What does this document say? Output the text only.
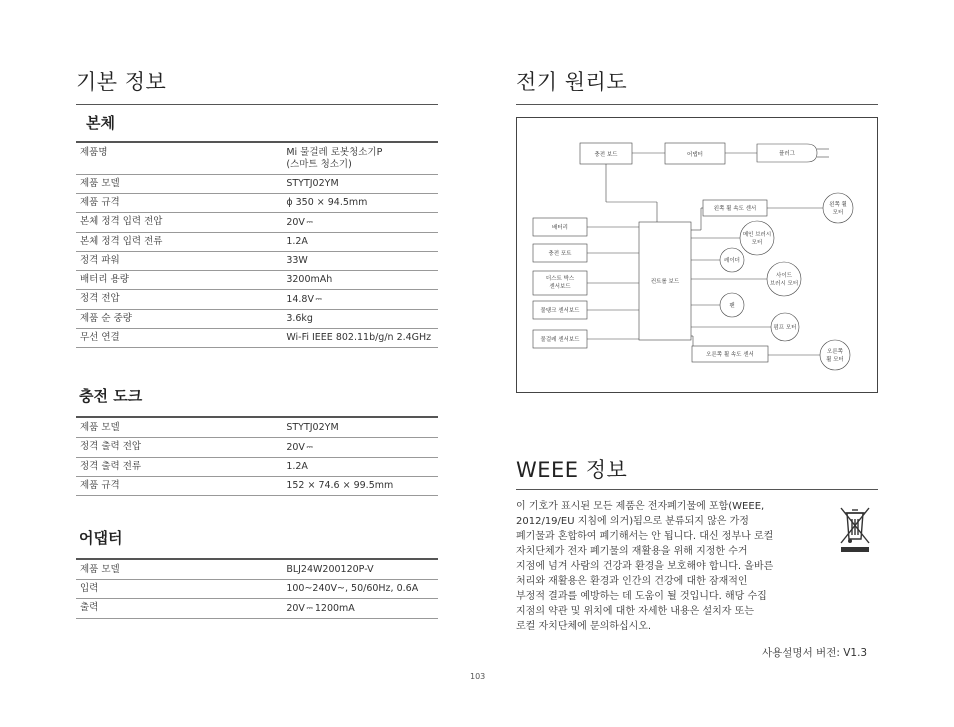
기본 정보
본체
제품명	Mi 물걸레 로봇청소기P
(스마트 청소기)
제품 모델	STYTJ02YM
제품 규격	ϕ 350 × 94.5mm
본체 정격 입력 전압	20V ⎓
본체 정격 입력 전류	1.2A
정격 파워	33W
배터리 용량	3200mAh
정격 전압	14.8V ⎓
제품 순 중량	3.6kg
무선 연결	Wi-Fi IEEE 802.11b/g/n 2.4GHz
충전 도크
제품 모델	STYTJ02YM
정격 출력 전압	20V ⎓
정격 출력 전류	1.2A
제품 규격	152 × 74.6 × 99.5mm
어댑터
제품 모델	BLJ24W200120P-V
입력	100~240V~, 50/60Hz, 0.6A
출력	20V ⎓ 1200mA
전기 원리도
충전 보드	어댑터	플러그
배터리
충전 포트
더스트 박스
센서보드
물탱크 센서보드
물걸레 센서보드
컨트롤 보드
왼쪽 휠 속도 센서
왼쪽 휠
모터
메인 브러시
모터
레이더
사이드
브러시 모터
팬
펌프 모터
오른쪽 휠 속도 센서	오른쪽
휠 모터
WEEE 정보
이 기호가 표시된 모든 제품은 전자폐기물에 포함(WEEE,
2012/19/EU 지침에 의거)됨으로 분류되지 않은 가정
폐기물과 혼합하여 폐기해서는 안 됩니다. 대신 정부나 로컬
자치단체가 전자 폐기물의 재활용을 위해 지정한 수거
지점에 넘겨 사람의 건강과 환경을 보호해야 합니다. 올바른
처리와 재활용은 환경과 인간의 건강에 대한 잠재적인
부정적 결과를 예방하는 데 도움이 될 것입니다. 해당 수집
지점의 약관 및 위치에 대한 자세한 내용은 설치자 또는
로컬 자치단체에 문의하십시오.
사용설명서 버전: V1.3
103
